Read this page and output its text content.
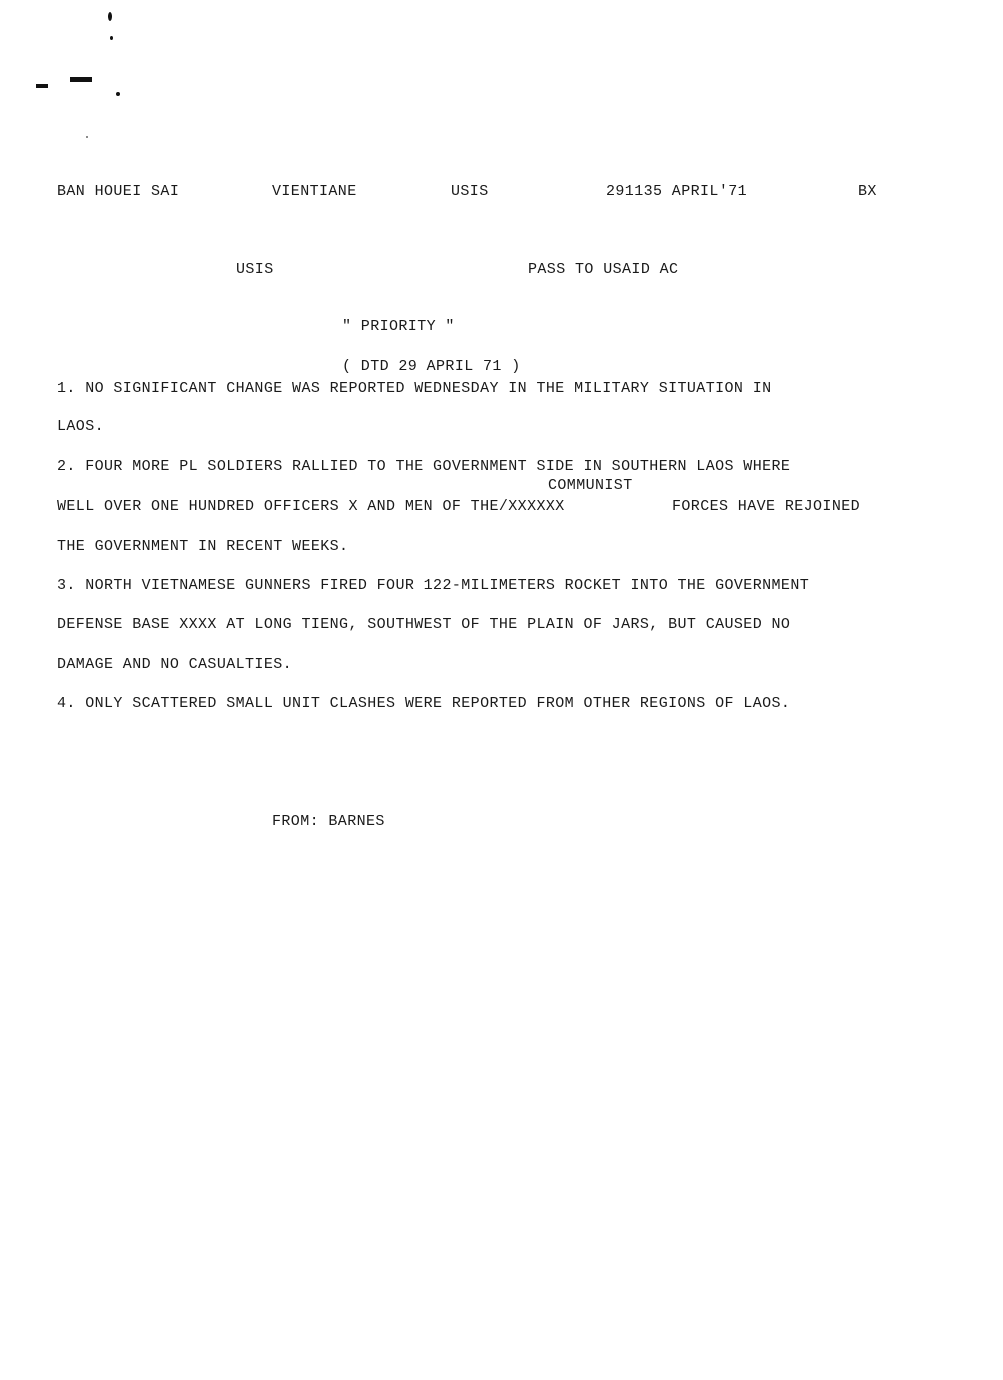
BAN HOUEI SAI	VIENTIANE	USIS	291135 APRIL'71	BX
USIS	PASS TO USAID AC
" PRIORITY "
( DTD 29 APRIL 71 )
1. NO SIGNIFICANT CHANGE WAS REPORTED WEDNESDAY IN THE MILITARY SITUATION IN
LAOS.
2. FOUR MORE PL SOLDIERS RALLIED TO THE GOVERNMENT SIDE IN SOUTHERN LAOS WHERE
COMMUNIST
WELL OVER ONE HUNDRED OFFICERS X AND MEN OF THE/XXXXXX	FORCES HAVE REJOINED
THE GOVERNMENT IN RECENT WEEKS.
3. NORTH VIETNAMESE GUNNERS FIRED FOUR 122-MILIMETERS ROCKET INTO THE GOVERNMENT
DEFENSE BASE XXXX AT LONG TIENG, SOUTHWEST OF THE PLAIN OF JARS, BUT CAUSED NO
DAMAGE AND NO CASUALTIES.
4. ONLY SCATTERED SMALL UNIT CLASHES WERE REPORTED FROM OTHER REGIONS OF LAOS.
FROM: BARNES
